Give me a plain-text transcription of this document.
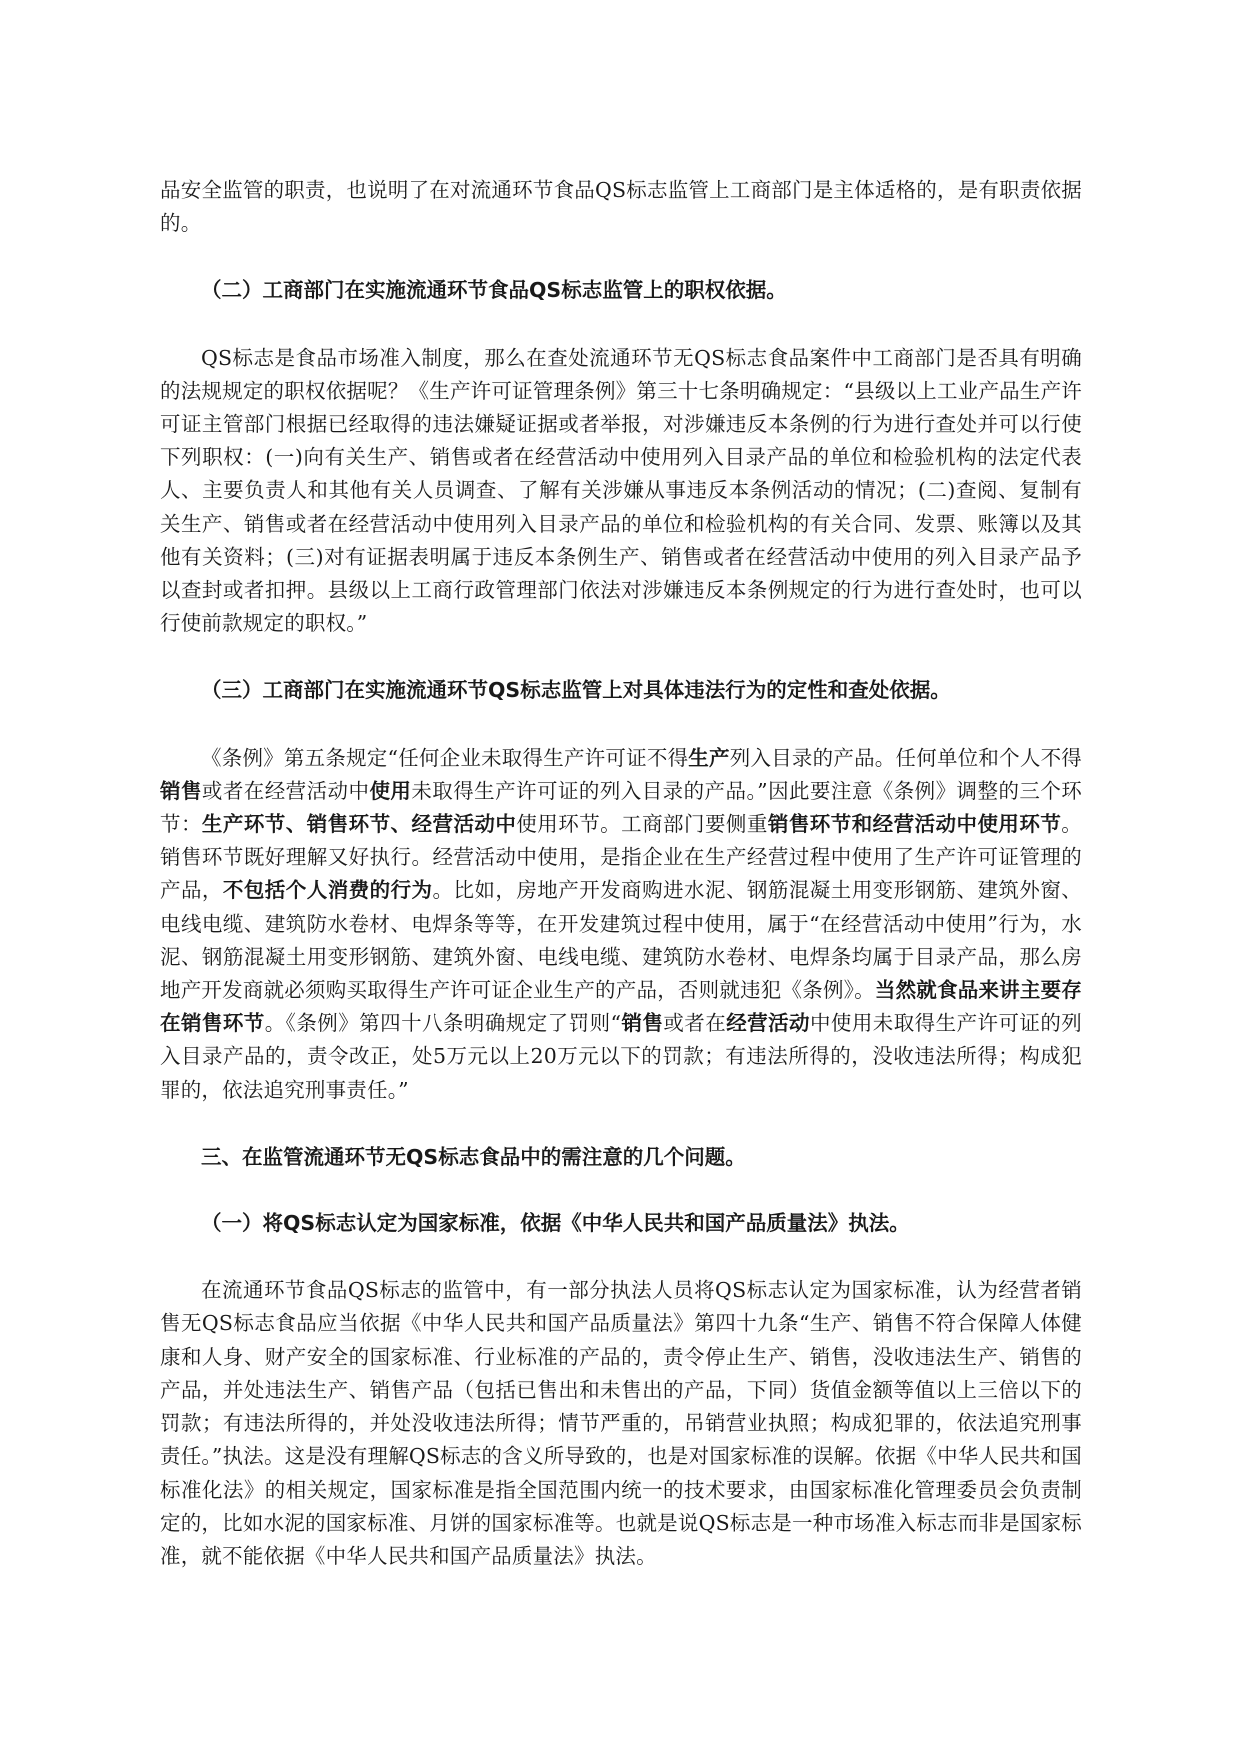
品安全监管的职责，也说明了在对流通环节食品QS标志监管上工商部门是主体适格的，是有职责依据的。

（二）工商部门在实施流通环节食品QS标志监管上的职权依据。

QS标志是食品市场准入制度，那么在查处流通环节无QS标志食品案件中工商部门是否具有明确的法规规定的职权依据呢？《生产许可证管理条例》第三十七条明确规定：“县级以上工业产品生产许可证主管部门根据已经取得的违法嫌疑证据或者举报，对涉嫌违反本条例的行为进行查处并可以行使下列职权：(一)向有关生产、销售或者在经营活动中使用列入目录产品的单位和检验机构的法定代表人、主要负责人和其他有关人员调查、了解有关涉嫌从事违反本条例活动的情况；(二)查阅、复制有关生产、销售或者在经营活动中使用列入目录产品的单位和检验机构的有关合同、发票、账簿以及其他有关资料；(三)对有证据表明属于违反本条例生产、销售或者在经营活动中使用的列入目录产品予以查封或者扣押。县级以上工商行政管理部门依法对涉嫌违反本条例规定的行为进行查处时，也可以行使前款规定的职权。”

（三）工商部门在实施流通环节QS标志监管上对具体违法行为的定性和查处依据。

《条例》第五条规定“任何企业未取得生产许可证不得生产列入目录的产品。任何单位和个人不得销售或者在经营活动中使用未取得生产许可证的列入目录的产品。”因此要注意《条例》调整的三个环节：生产环节、销售环节、经营活动中使用环节。工商部门要侧重销售环节和经营活动中使用环节。销售环节既好理解又好执行。经营活动中使用，是指企业在生产经营过程中使用了生产许可证管理的产品，不包括个人消费的行为。比如，房地产开发商购进水泥、钢筋混凝土用变形钢筋、建筑外窗、电线电缆、建筑防水卷材、电焊条等等，在开发建筑过程中使用，属于“在经营活动中使用”行为，水泥、钢筋混凝土用变形钢筋、建筑外窗、电线电缆、建筑防水卷材、电焊条均属于目录产品，那么房地产开发商就必须购买取得生产许可证企业生产的产品，否则就违犯《条例》。当然就食品来讲主要存在销售环节。《条例》第四十八条明确规定了罚则“销售或者在经营活动中使用未取得生产许可证的列入目录产品的，责令改正，处5万元以上20万元以下的罚款；有违法所得的，没收违法所得；构成犯罪的，依法追究刑事责任。”

三、在监管流通环节无QS标志食品中的需注意的几个问题。

（一）将QS标志认定为国家标准，依据《中华人民共和国产品质量法》执法。

在流通环节食品QS标志的监管中，有一部分执法人员将QS标志认定为国家标准，认为经营者销售无QS标志食品应当依据《中华人民共和国产品质量法》第四十九条“生产、销售不符合保障人体健康和人身、财产安全的国家标准、行业标准的产品的，责令停止生产、销售，没收违法生产、销售的产品，并处违法生产、销售产品（包括已售出和未售出的产品，下同）货值金额等值以上三倍以下的罚款；有违法所得的，并处没收违法所得；情节严重的，吊销营业执照；构成犯罪的，依法追究刑事责任。”执法。这是没有理解QS标志的含义所导致的，也是对国家标准的误解。依据《中华人民共和国标准化法》的相关规定，国家标准是指全国范围内统一的技术要求，由国家标准化管理委员会负责制定的，比如水泥的国家标准、月饼的国家标准等。也就是说QS标志是一种市场准入标志而非是国家标准，就不能依据《中华人民共和国产品质量法》执法。
